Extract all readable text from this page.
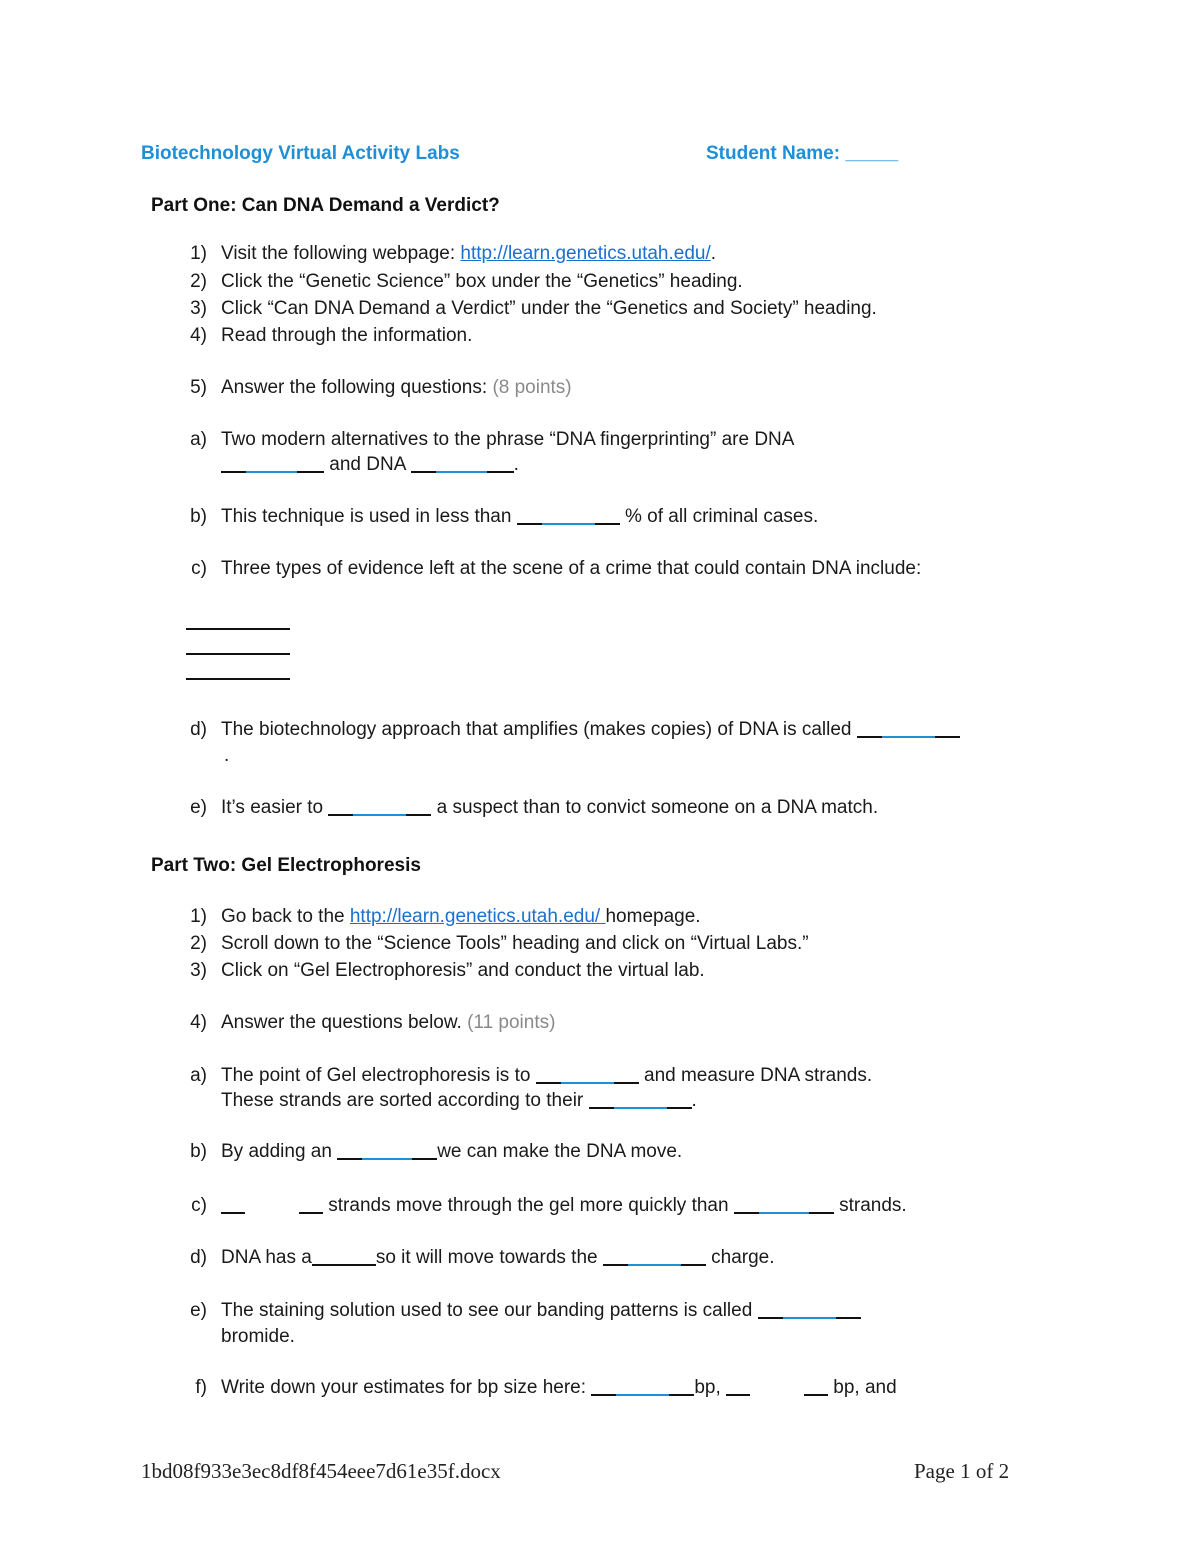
Biotechnology Virtual Activity Labs	Student Name: _____
Part One: Can DNA Demand a Verdict?
1) Visit the following webpage: http://learn.genetics.utah.edu/.
2) Click the “Genetic Science” box under the “Genetics” heading.
3) Click “Can DNA Demand a Verdict” under the “Genetics and Society” heading.
4) Read through the information.
5) Answer the following questions: (8 points)
a) Two modern alternatives to the phrase “DNA fingerprinting” are DNA
and DNA	.
b) This technique is used in less than	% of all criminal cases.
c) Three types of evidence left at the scene of a crime that could contain DNA include:
d) The biotechnology approach that amplifies (makes copies) of DNA is called
.
e) It’s easier to	a suspect than to convict someone on a DNA match.
Part Two: Gel Electrophoresis
1) Go back to the http://learn.genetics.utah.edu/ homepage.
2) Scroll down to the “Science Tools” heading and click on “Virtual Labs.”
3) Click on “Gel Electrophoresis” and conduct the virtual lab.
4) Answer the questions below. (11 points)
a) The point of Gel electrophoresis is to	and measure DNA strands.
These strands are sorted according to their	.
b) By adding an	we can make the DNA move.
c)	strands move through the gel more quickly than	strands.
d) DNA has a	so it will move towards the	charge.
e) The staining solution used to see our banding patterns is called
bromide.
f) Write down your estimates for bp size here:	bp,	bp, and
1bd08f933e3ec8df8f454eee7d61e35f.docx	Page 1 of 2
